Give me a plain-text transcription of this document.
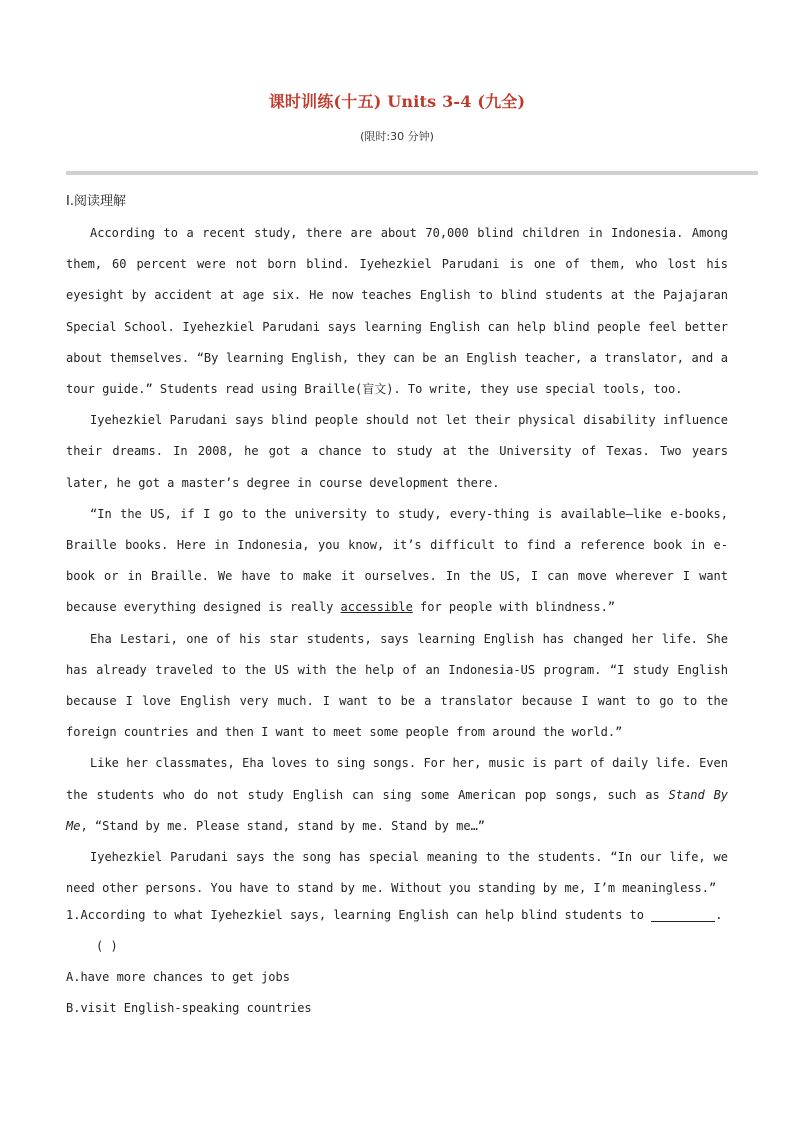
课时训练(十五) Units 3-4 (九全)
(限时:30 分钟)
Ⅰ.阅读理解

According to a recent study, there are about 70,000 blind children in Indonesia. Among them, 60 percent were not born blind. Iyehezkiel Parudani is one of them, who lost his eyesight by accident at age six. He now teaches English to blind students at the Pajajaran Special School. Iyehezkiel Parudani says learning English can help blind people feel better about themselves. “By learning English, they can be an English teacher, a translator, and a tour guide.” Students read using Braille(盲文). To write, they use special tools, too.

Iyehezkiel Parudani says blind people should not let their physical disability influence their dreams. In 2008, he got a chance to study at the University of Texas. Two years later, he got a master’s degree in course development there.

“In the US, if I go to the university to study, every-thing is available—like e-books, Braille books. Here in Indonesia, you know, it’s difficult to find a reference book in e-book or in Braille. We have to make it ourselves. In the US, I can move wherever I want because everything designed is really accessible for people with blindness.”

Eha Lestari, one of his star students, says learning English has changed her life. She has already traveled to the US with the help of an Indonesia-US program. “I study English because I love English very much. I want to be a translator because I want to go to the foreign countries and then I want to meet some people from around the world.”

Like her classmates, Eha loves to sing songs. For her, music is part of daily life. Even the students who do not study English can sing some American pop songs, such as Stand By Me, “Stand by me. Please stand, stand by me. Stand by me…”

Iyehezkiel Parudani says the song has special meaning to the students. “In our life, we need other persons. You have to stand by me. Without you standing by me, I’m meaningless.”

1.According to what Iyehezkiel says, learning English can help blind students to	.
( )
A.have more chances to get jobs
B.visit English-speaking countries
